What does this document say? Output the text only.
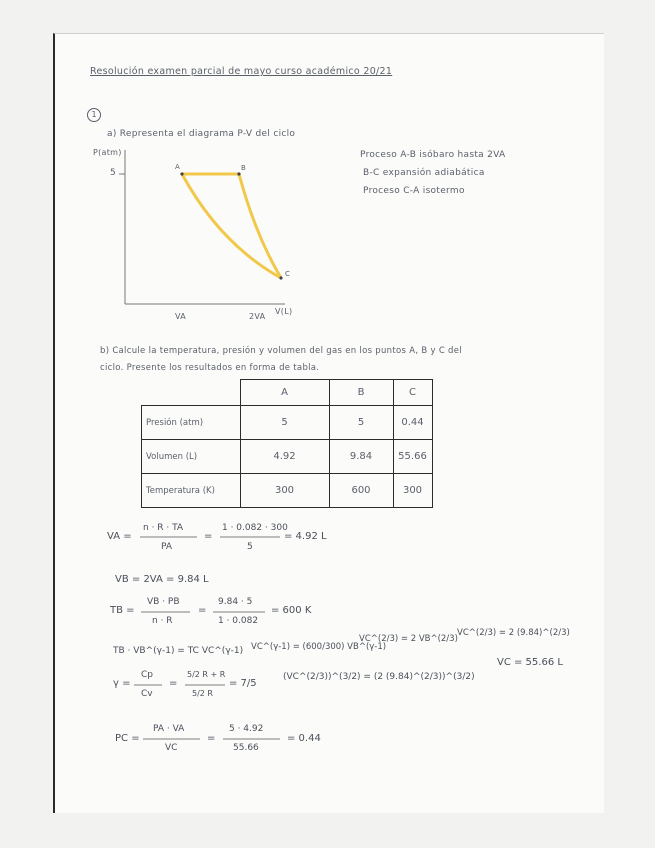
Resolución examen parcial de mayo curso académico 20/21
1
a) Representa el diagrama P-V del ciclo
P(atm)
5
V(L)
VA	2VA
A	B
C
Proceso A-B isóbaro hasta 2VA
B-C expansión adiabática
Proceso C-A isotermo
b) Calcule la temperatura, presión y volumen del gas en los puntos A, B y C del
ciclo. Presente los resultados en forma de tabla.
	A	B	C
Presión (atm)	5	5	0.44
Volumen (L)	4.92	9.84	55.66
Temperatura (K)	300	600	300
VA =
n · R · TA
PA
=
1 · 0.082 · 300
5
= 4.92 L
VB = 2VA = 9.84 L
TB =
VB · PB
n · R
=
9.84 · 5
1 · 0.082
= 600 K
TB · VB^(γ-1) = TC VC^(γ-1) VC^(γ-1) = (600/300) VB^(γ-1)
VC^(2/3) = 2 VB^(2/3)
VC^(2/3) = 2 (9.84)^(2/3)
γ =
Cp
Cv
=
5/2 R + R
5/2 R
= 7/5
(VC^(2/3))^(3/2) = (2 (9.84)^(2/3))^(3/2)
VC = 55.66 L
PC =
PA · VA
VC
=
5 · 4.92
55.66
= 0.44
